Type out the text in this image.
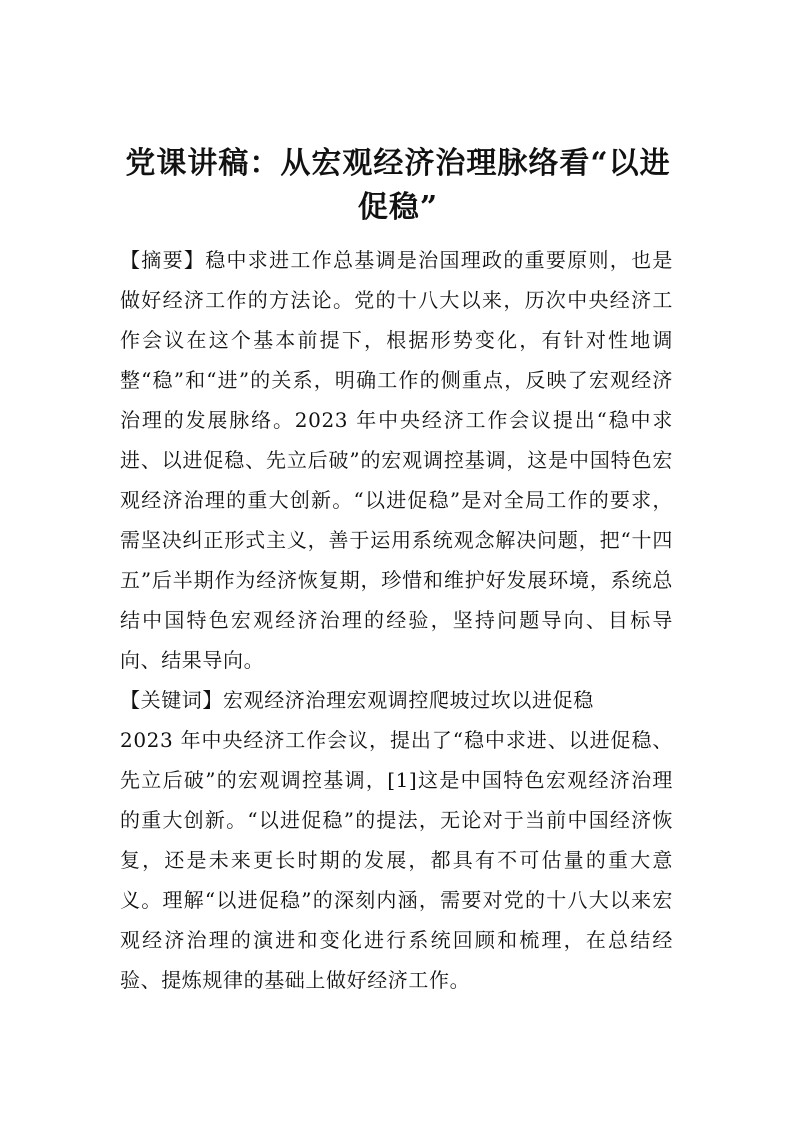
党课讲稿：从宏观经济治理脉络看“以进促稳”

【摘要】稳中求进工作总基调是治国理政的重要原则，也是做好经济工作的方法论。党的十八大以来，历次中央经济工作会议在这个基本前提下，根据形势变化，有针对性地调整“稳”和“进”的关系，明确工作的侧重点，反映了宏观经济治理的发展脉络。2023 年中央经济工作会议提出“稳中求进、以进促稳、先立后破”的宏观调控基调，这是中国特色宏观经济治理的重大创新。“以进促稳”是对全局工作的要求，需坚决纠正形式主义，善于运用系统观念解决问题，把“十四五”后半期作为经济恢复期，珍惜和维护好发展环境，系统总结中国特色宏观经济治理的经验，坚持问题导向、目标导向、结果导向。

【关键词】宏观经济治理宏观调控爬坡过坎以进促稳

2023 年中央经济工作会议，提出了“稳中求进、以进促稳、先立后破”的宏观调控基调，[1]这是中国特色宏观经济治理的重大创新。“以进促稳”的提法，无论对于当前中国经济恢复，还是未来更长时期的发展，都具有不可估量的重大意义。理解“以进促稳”的深刻内涵，需要对党的十八大以来宏观经济治理的演进和变化进行系统回顾和梳理，在总结经验、提炼规律的基础上做好经济工作。
